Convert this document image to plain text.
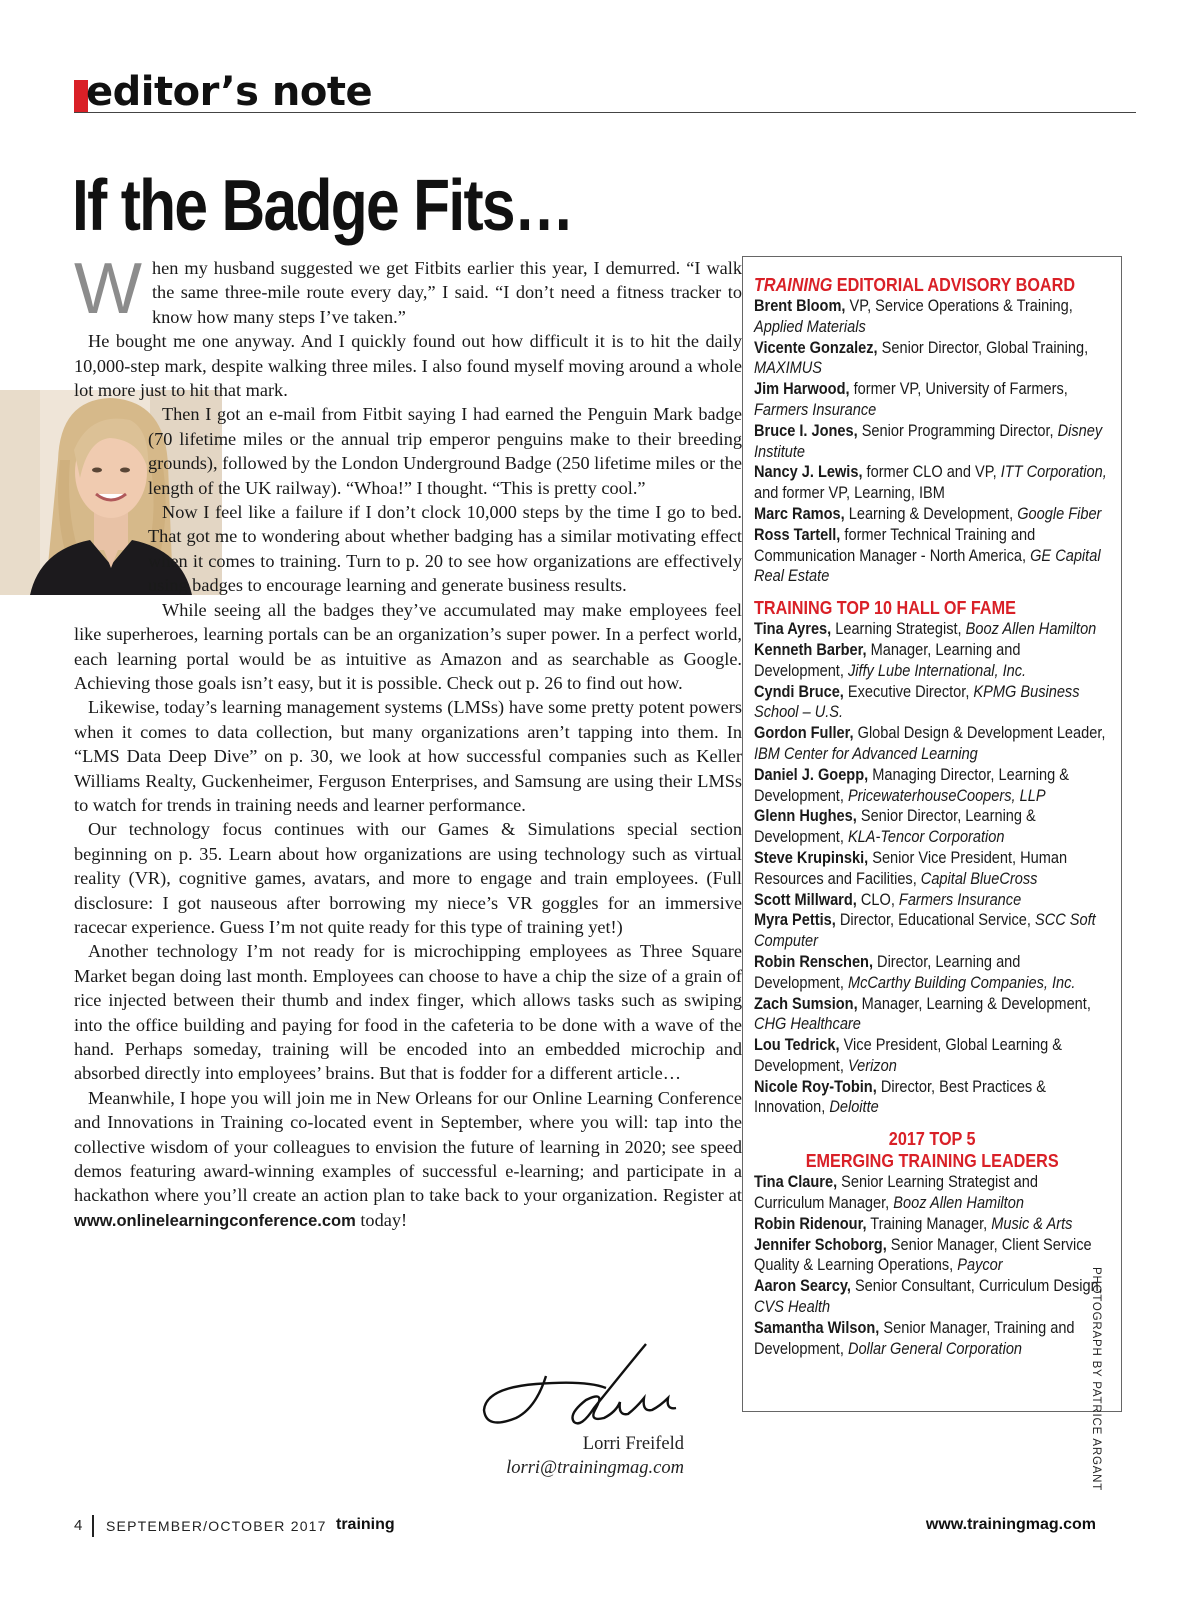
editor’s note
If the Badge Fits…

When my husband suggested we get Fitbits earlier this year, I demurred. “I walk the same three-mile route every day,” I said. “I don’t need a fitness tracker to know how many steps I’ve taken.”

He bought me one anyway. And I quickly found out how difficult it is to hit the daily 10,000-step mark, despite walking three miles. I also found myself moving around a whole lot more just to hit that mark.

Then I got an e-mail from Fitbit saying I had earned the Penguin Mark badge (70 lifetime miles or the annual trip emperor penguins make to their breeding grounds), followed by the London Underground Badge (250 lifetime miles or the length of the UK railway). “Whoa!” I thought. “This is pretty cool.”

Now I feel like a failure if I don’t clock 10,000 steps by the time I go to bed. That got me to wondering about whether badging has a similar motivating effect when it comes to training. Turn to p. 20 to see how organizations are effectively using badges to encourage learning and generate business results.

While seeing all the badges they’ve accumulated may make employees feel like superheroes, learning portals can be an organization’s super power. In a perfect world, each learning portal would be as intuitive as Amazon and as searchable as Google. Achieving those goals isn’t easy, but it is possible. Check out p. 26 to find out how.

Likewise, today’s learning management systems (LMSs) have some pretty potent powers when it comes to data collection, but many organizations aren’t tapping into them. In “LMS Data Deep Dive” on p. 30, we look at how successful companies such as Keller Williams Realty, Guckenheimer, Ferguson Enterprises, and Samsung are using their LMSs to watch for trends in training needs and learner performance.

Our technology focus continues with our Games & Simulations special section beginning on p. 35. Learn about how organizations are using technology such as virtual reality (VR), cognitive games, avatars, and more to engage and train employees. (Full disclosure: I got nauseous after borrowing my niece’s VR goggles for an immersive racecar experience. Guess I’m not quite ready for this type of training yet!)

Another technology I’m not ready for is microchipping employees as Three Square Market began doing last month. Employees can choose to have a chip the size of a grain of rice injected between their thumb and index finger, which allows tasks such as swiping into the office building and paying for food in the cafeteria to be done with a wave of the hand. Perhaps someday, training will be encoded into an embedded microchip and absorbed directly into employees’ brains. But that is fodder for a different article…

Meanwhile, I hope you will join me in New Orleans for our Online Learning Conference and Innovations in Training co-located event in September, where you will: tap into the collective wisdom of your colleagues to envision the future of learning in 2020; see speed demos featuring award-winning examples of successful e-learning; and participate in a hackathon where you’ll create an action plan to take back to your organization. Register at www.onlinelearningconference.com today!

Lorri Freifeld
lorri@trainingmag.com
TRAINING EDITORIAL ADVISORY BOARD
Brent Bloom, VP, Service Operations & Training, Applied Materials
Vicente Gonzalez, Senior Director, Global Training, MAXIMUS
Jim Harwood, former VP, University of Farmers, Farmers Insurance
Bruce I. Jones, Senior Programming Director, Disney Institute
Nancy J. Lewis, former CLO and VP, ITT Corporation, and former VP, Learning, IBM
Marc Ramos, Learning & Development, Google Fiber
Ross Tartell, former Technical Training and Communication Manager - North America, GE Capital Real Estate
TRAINING TOP 10 HALL OF FAME
Tina Ayres, Learning Strategist, Booz Allen Hamilton
Kenneth Barber, Manager, Learning and Development, Jiffy Lube International, Inc.
Cyndi Bruce, Executive Director, KPMG Business School – U.S.
Gordon Fuller, Global Design & Development Leader, IBM Center for Advanced Learning
Daniel J. Goepp, Managing Director, Learning & Development, PricewaterhouseCoopers, LLP
Glenn Hughes, Senior Director, Learning & Development, KLA-Tencor Corporation
Steve Krupinski, Senior Vice President, Human Resources and Facilities, Capital BlueCross
Scott Millward, CLO, Farmers Insurance
Myra Pettis, Director, Educational Service, SCC Soft Computer
Robin Renschen, Director, Learning and Development, McCarthy Building Companies, Inc.
Zach Sumsion, Manager, Learning & Development, CHG Healthcare
Lou Tedrick, Vice President, Global Learning & Development, Verizon
Nicole Roy-Tobin, Director, Best Practices & Innovation, Deloitte
2017 TOP 5
EMERGING TRAINING LEADERS
Tina Claure, Senior Learning Strategist and Curriculum Manager, Booz Allen Hamilton
Robin Ridenour, Training Manager, Music & Arts
Jennifer Schoborg, Senior Manager, Client Service Quality & Learning Operations, Paycor
Aaron Searcy, Senior Consultant, Curriculum Design, CVS Health
Samantha Wilson, Senior Manager, Training and Development, Dollar General Corporation	PHOTOGRAPH BY PATRICE ARGANT
4 SEPTEMBER/OCTOBER 2017 training	www.trainingmag.com
